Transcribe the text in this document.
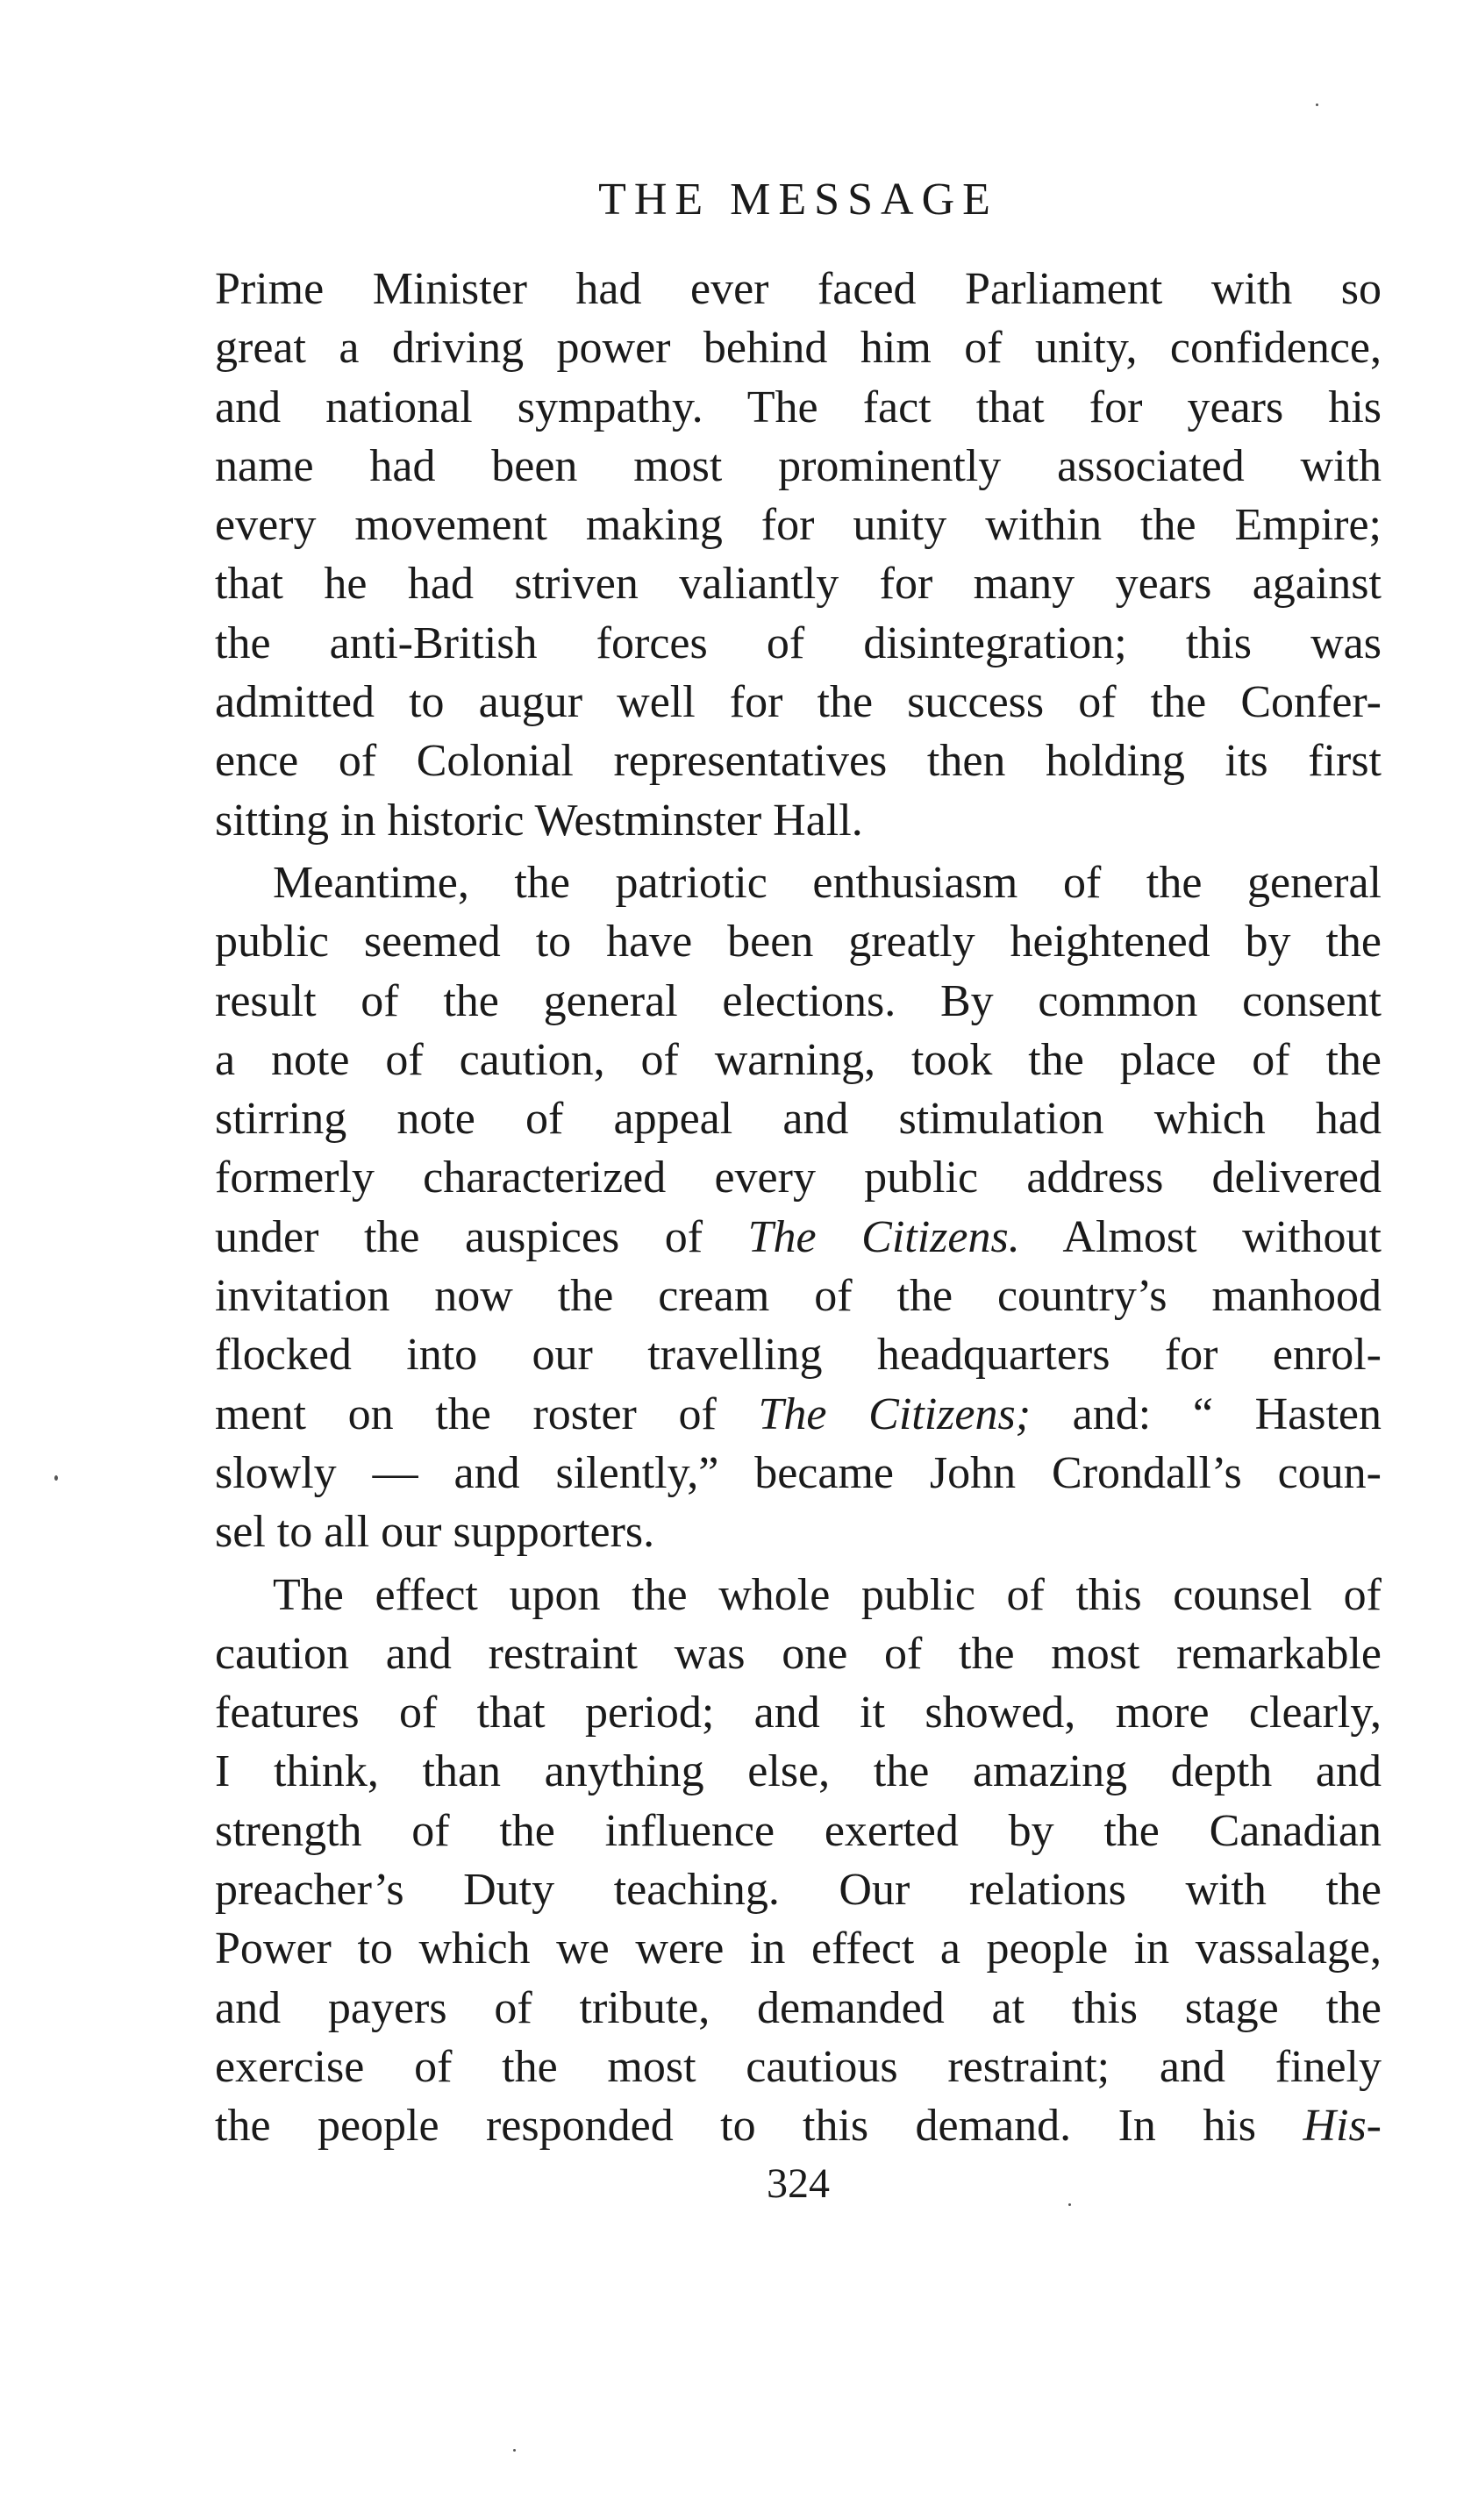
THE MESSAGE
Prime Minister had ever faced Parliament with so
great a driving power behind him of unity, confidence,
and national sympathy. The fact that for years his
name had been most prominently associated with
every movement making for unity within the Empire;
that he had striven valiantly for many years against
the anti-British forces of disintegration; this was
admitted to augur well for the success of the Confer-
ence of Colonial representatives then holding its first
sitting in historic Westminster Hall.
Meantime, the patriotic enthusiasm of the general
public seemed to have been greatly heightened by the
result of the general elections. By common consent
a note of caution, of warning, took the place of the
stirring note of appeal and stimulation which had
formerly characterized every public address delivered
under the auspices of The Citizens. Almost without
invitation now the cream of the country’s manhood
flocked into our travelling headquarters for enrol-
ment on the roster of The Citizens; and: “ Hasten
slowly — and silently,” became John Crondall’s coun-
sel to all our supporters.
The effect upon the whole public of this counsel of
caution and restraint was one of the most remarkable
features of that period; and it showed, more clearly,
I think, than anything else, the amazing depth and
strength of the influence exerted by the Canadian
preacher’s Duty teaching. Our relations with the
Power to which we were in effect a people in vassalage,
and payers of tribute, demanded at this stage the
exercise of the most cautious restraint; and finely
the people responded to this demand. In his His-
324
